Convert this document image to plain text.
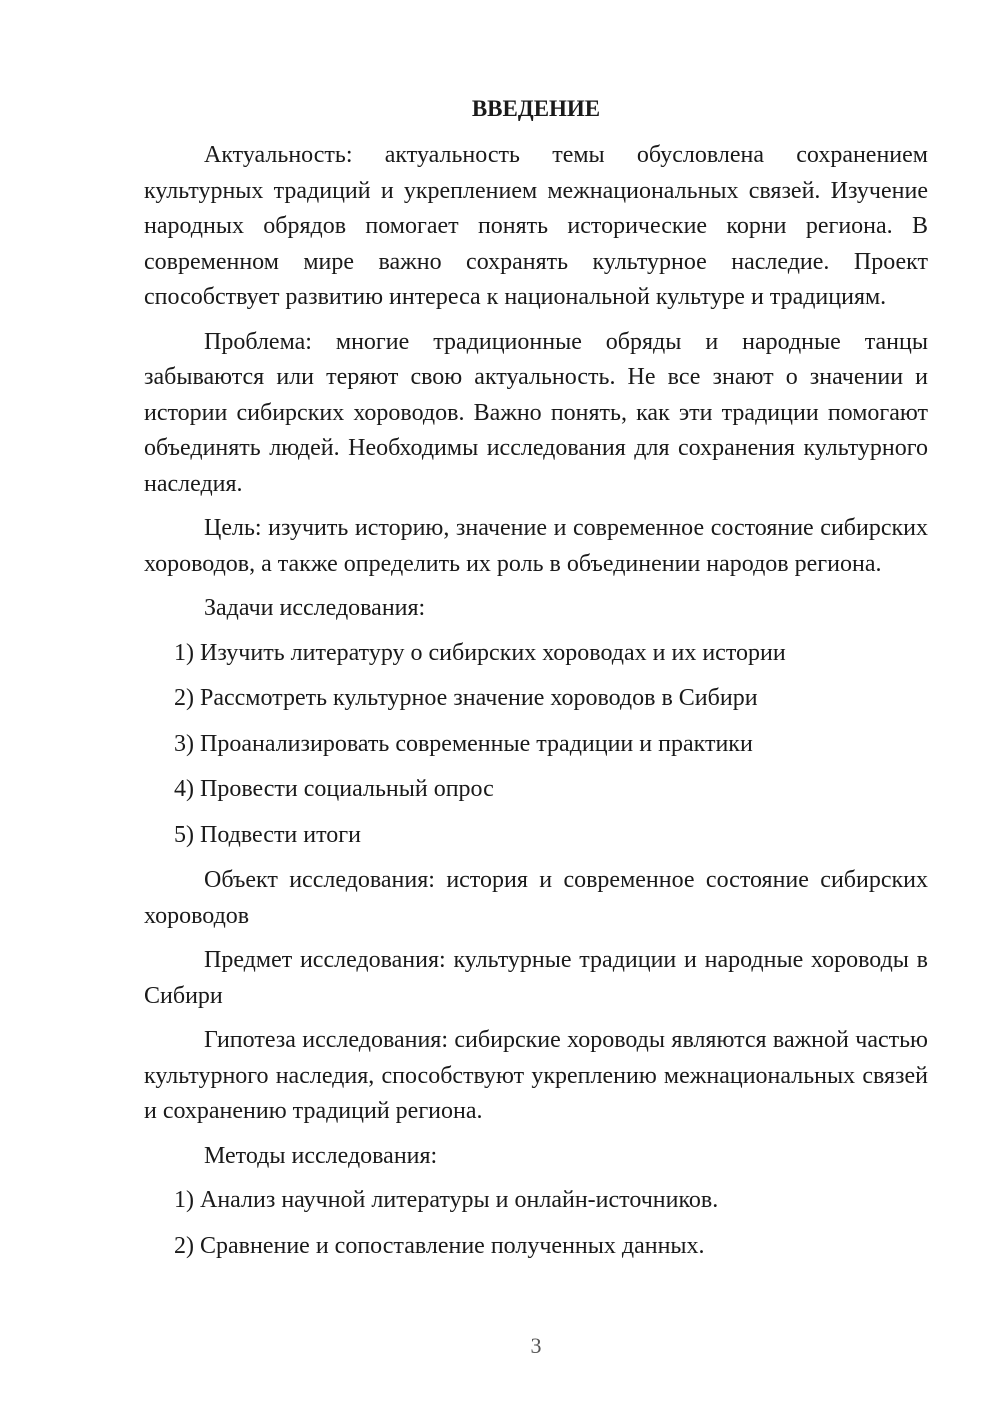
ВВЕДЕНИЕ

Актуальность: актуальность темы обусловлена сохранением культурных традиций и укреплением межнациональных связей. Изучение народных обрядов помогает понять исторические корни региона. В современном мире важно сохранять культурное наследие. Проект способствует развитию интереса к национальной культуре и традициям.

Проблема: многие традиционные обряды и народные танцы забываются или теряют свою актуальность. Не все знают о значении и истории сибирских хороводов. Важно понять, как эти традиции помогают объединять людей. Необходимы исследования для сохранения культурного наследия.

Цель: изучить историю, значение и современное состояние сибирских хороводов, а также определить их роль в объединении народов региона.

Задачи исследования:

1) Изучить литературу о сибирских хороводах и их истории
2) Рассмотреть культурное значение хороводов в Сибири
3) Проанализировать современные традиции и практики
4) Провести социальный опрос
5) Подвести итоги

Объект исследования: история и современное состояние сибирских хороводов

Предмет исследования: культурные традиции и народные хороводы в Сибири

Гипотеза исследования: сибирские хороводы являются важной частью культурного наследия, способствуют укреплению межнациональных связей и сохранению традиций региона.

Методы исследования:

1) Анализ научной литературы и онлайн-источников.
2) Сравнение и сопоставление полученных данных.
3
